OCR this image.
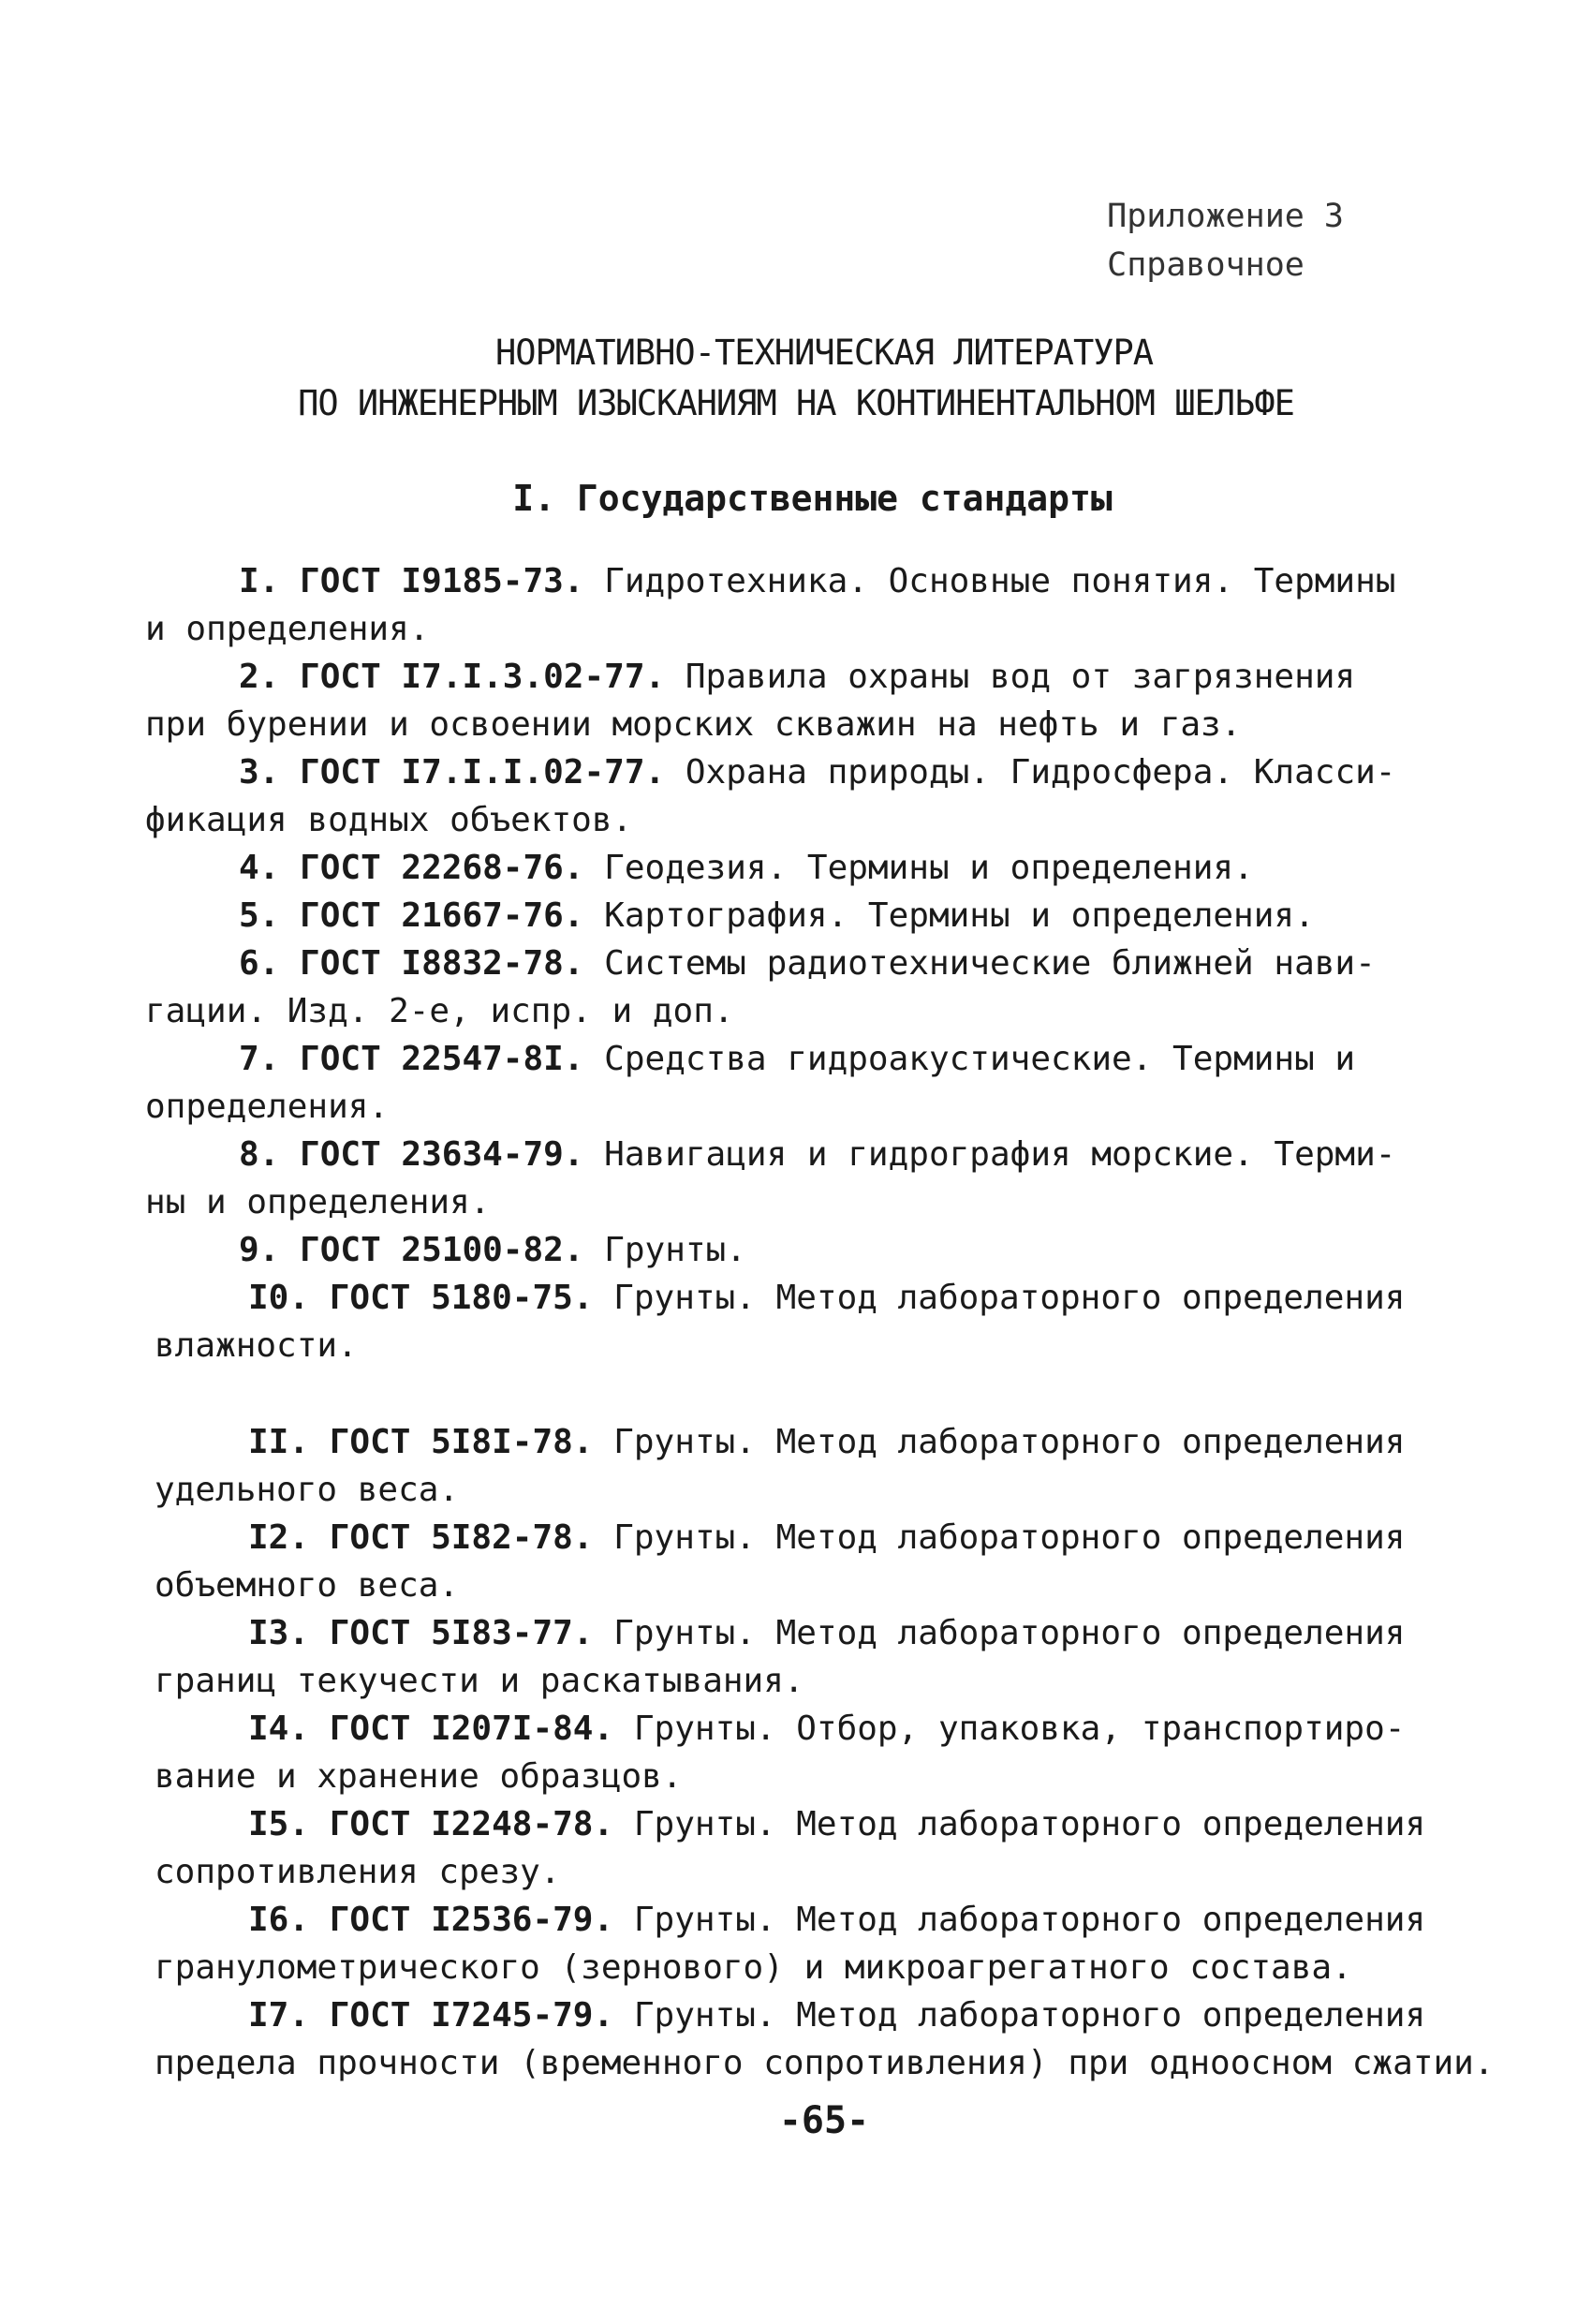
Приложение 3
Справочное
НОРМАТИВНО-ТЕХНИЧЕСКАЯ ЛИТЕРАТУРА
ПО ИНЖЕНЕРНЫМ ИЗЫСКАНИЯМ НА КОНТИНЕНТАЛЬНОМ ШЕЛЬФЕ
I. Государственные стандарты
I. ГОСТ I9185-73. Гидротехника. Основные понятия. Термины
и определения.
2. ГОСТ I7.I.3.02-77. Правила охраны вод от загрязнения
при бурении и освоении морских скважин на нефть и газ.
3. ГОСТ I7.I.I.02-77. Охрана природы. Гидросфера. Класси-
фикация водных объектов.
4. ГОСТ 22268-76. Геодезия. Термины и определения.
5. ГОСТ 21667-76. Картография. Термины и определения.
6. ГОСТ I8832-78. Системы радиотехнические ближней нави-
гации. Изд. 2-е, испр. и доп.
7. ГОСТ 22547-8I. Средства гидроакустические. Термины и
определения.
8. ГОСТ 23634-79. Навигация и гидрография морские. Терми-
ны и определения.
9. ГОСТ 25100-82. Грунты.
I0. ГОСТ 5180-75. Грунты. Метод лабораторного определения
влажности.
II. ГОСТ 5I8I-78. Грунты. Метод лабораторного определения
удельного веса.
I2. ГОСТ 5I82-78. Грунты. Метод лабораторного определения
объемного веса.
I3. ГОСТ 5I83-77. Грунты. Метод лабораторного определения
границ текучести и раскатывания.
I4. ГОСТ I207I-84. Грунты. Отбор, упаковка, транспортиро-
вание и хранение образцов.
I5. ГОСТ I2248-78. Грунты. Метод лабораторного определения
сопротивления срезу.
I6. ГОСТ I2536-79. Грунты. Метод лабораторного определения
гранулометрического (зернового) и микроагрегатного состава.
I7. ГОСТ I7245-79. Грунты. Метод лабораторного определения
предела прочности (временного сопротивления) при одноосном сжатии.
-65-
